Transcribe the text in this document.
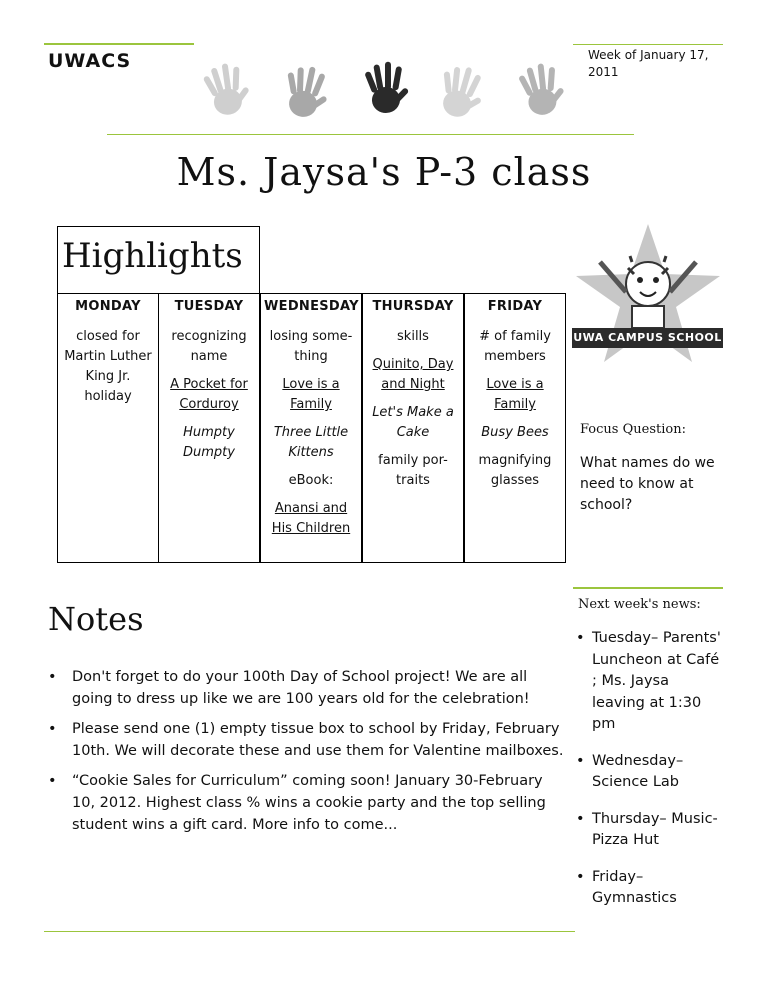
UWACS	Week of January 17, 2011
Ms. Jaysa's P-3 class
Highlights
MONDAY

closed for Martin Luther King Jr. holiday

TUESDAY

recognizing name

A Pocket for Corduroy

Humpty Dumpty

WEDNESDAY

losing some-thing

Love is a Family

Three Little Kittens

eBook:

Anansi and His Children

THURSDAY

skills

Quinito, Day and Night

Let's Make a Cake

family por-traits

FRIDAY

# of family members

Love is a Family

Busy Bees

magnifying glasses

UWA CAMPUS SCHOOL
Focus Question:
What names do we need to know at school?
Next week's news:
• Tuesday– Parents' Luncheon at Café ; Ms. Jaysa leaving at 1:30 pm
• Wednesday– Science Lab
• Thursday– Music-Pizza Hut
• Friday– Gymnastics
Notes
• Don't forget to do your 100th Day of School project! We are all going to dress up like we are 100 years old for the celebration!
• Please send one (1) empty tissue box to school by Friday, February 10th. We will decorate these and use them for Valentine mailboxes.
• “Cookie Sales for Curriculum” coming soon! January 30-February 10, 2012. Highest class % wins a cookie party and the top selling student wins a gift card. More info to come...
